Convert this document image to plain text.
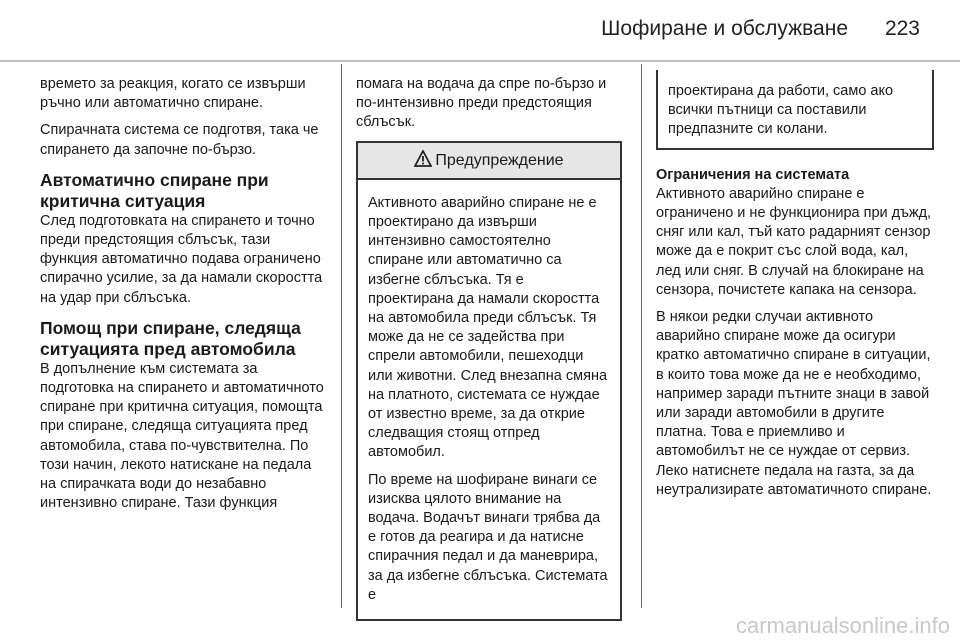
Шофиране и обслужване 223

времето за реакция, когато се извърши ръчно или автоматично спиране.

Спирачната система се подготвя, така че спирането да започне по-бързо.

Автоматично спиране при критична ситуация

След подготовката на спирането и точно преди предстоящия сблъсък, тази функция автоматично подава ограничено спирачно усилие, за да намали скоростта на удар при сблъсъка.

Помощ при спиране, следяща ситуацията пред автомобила

В допълнение към системата за подготовка на спирането и автоматичното спиране при критична ситуация, помощта при спиране, следяща ситуацията пред автомобила, става по-чувствителна. По този начин, лекото натискане на педала на спирачката води до незабавно интензивно спиране. Тази функция

помага на водача да спре по-бързо и по-интензивно преди предстоящия сблъсък.

Предупреждение

Активното аварийно спиране не е проектирано да извърши интензивно самостоятелно спиране или автоматично са избегне сблъсъка. Тя е проектирана да намали скоростта на автомобила преди сблъсък. Тя може да не се задейства при спрели автомобили, пешеходци или животни. След внезапна смяна на платното, системата се нуждае от известно време, за да открие следващия стоящ отпред автомобил.

По време на шофиране винаги се изисква цялото внимание на водача. Водачът винаги трябва да е готов да реагира и да натисне спирачния педал и да маневрира, за да избегне сблъсъка. Системата е

проектирана да работи, само ако всички пътници са поставили предпазните си колани.

Ограничения на системата

Активното аварийно спиране е ограничено и не функционира при дъжд, сняг или кал, тъй като радарният сензор може да е покрит със слой вода, кал, лед или сняг. В случай на блокиране на сензора, почистете капака на сензора.

В някои редки случаи активното аварийно спиране може да осигури кратко автоматично спиране в ситуации, в които това може да не е необходимо, например заради пътните знаци в завой или заради автомобили в другите платна. Това е приемливо и автомобилът не се нуждае от сервиз. Леко натиснете педала на газта, за да неутрализирате автоматичното спиране.

carmanualsonline.info
